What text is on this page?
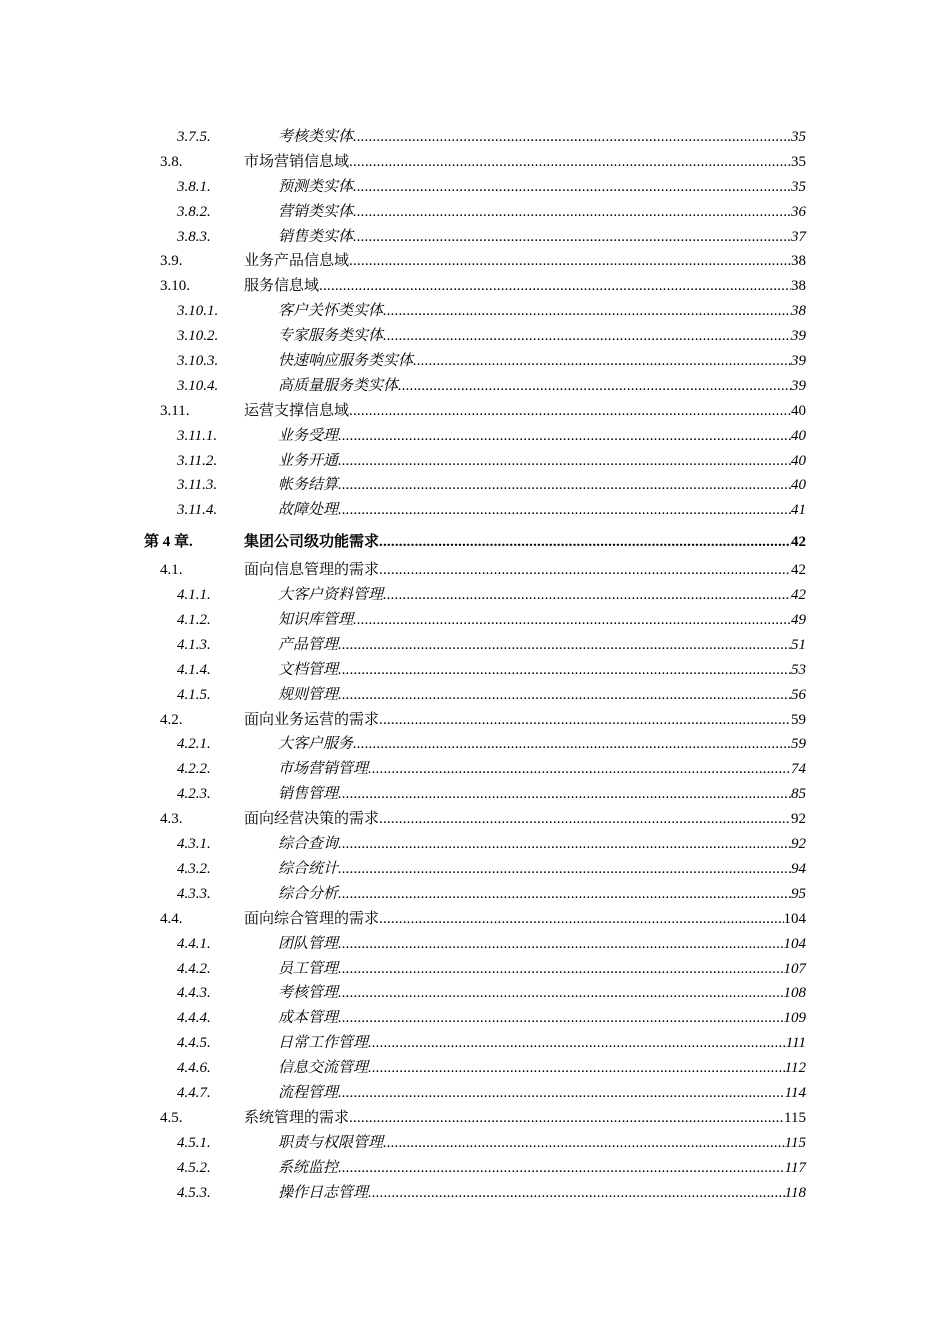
3.7.5.	考核类实体 .....	35
3.8.	市场营销信息域 .....	35
3.8.1.	预测类实体 .....	35
3.8.2.	营销类实体 .....	36
3.8.3.	销售类实体 .....	37
3.9.	业务产品信息域 .....	38
3.10.	服务信息域 .....	38
3.10.1.	客户关怀类实体 .....	38
3.10.2.	专家服务类实体 .....	39
3.10.3.	快速响应服务类实体 .....	39
3.10.4.	高质量服务类实体 .....	39
3.11.	运营支撑信息域 .....	40
3.11.1.	业务受理 .....	40
3.11.2.	业务开通 .....	40
3.11.3.	帐务结算 .....	40
3.11.4.	故障处理 .....	41
第 4 章.	集团公司级功能需求 .....	42
4.1.	面向信息管理的需求 .....	42
4.1.1.	大客户资料管理 .....	42
4.1.2.	知识库管理 .....	49
4.1.3.	产品管理 .....	51
4.1.4.	文档管理 .....	53
4.1.5.	规则管理 .....	56
4.2.	面向业务运营的需求 .....	59
4.2.1.	大客户服务 .....	59
4.2.2.	市场营销管理 .....	74
4.2.3.	销售管理 .....	85
4.3.	面向经营决策的需求 .....	92
4.3.1.	综合查询 .....	92
4.3.2.	综合统计 .....	94
4.3.3.	综合分析 .....	95
4.4.	面向综合管理的需求 .....	104
4.4.1.	团队管理 .....	104
4.4.2.	员工管理 .....	107
4.4.3.	考核管理 .....	108
4.4.4.	成本管理 .....	109
4.4.5.	日常工作管理 .....	111
4.4.6.	信息交流管理 .....	112
4.4.7.	流程管理 .....	114
4.5.	系统管理的需求 .....	115
4.5.1.	职责与权限管理 .....	115
4.5.2.	系统监控 .....	117
4.5.3.	操作日志管理 .....	118
